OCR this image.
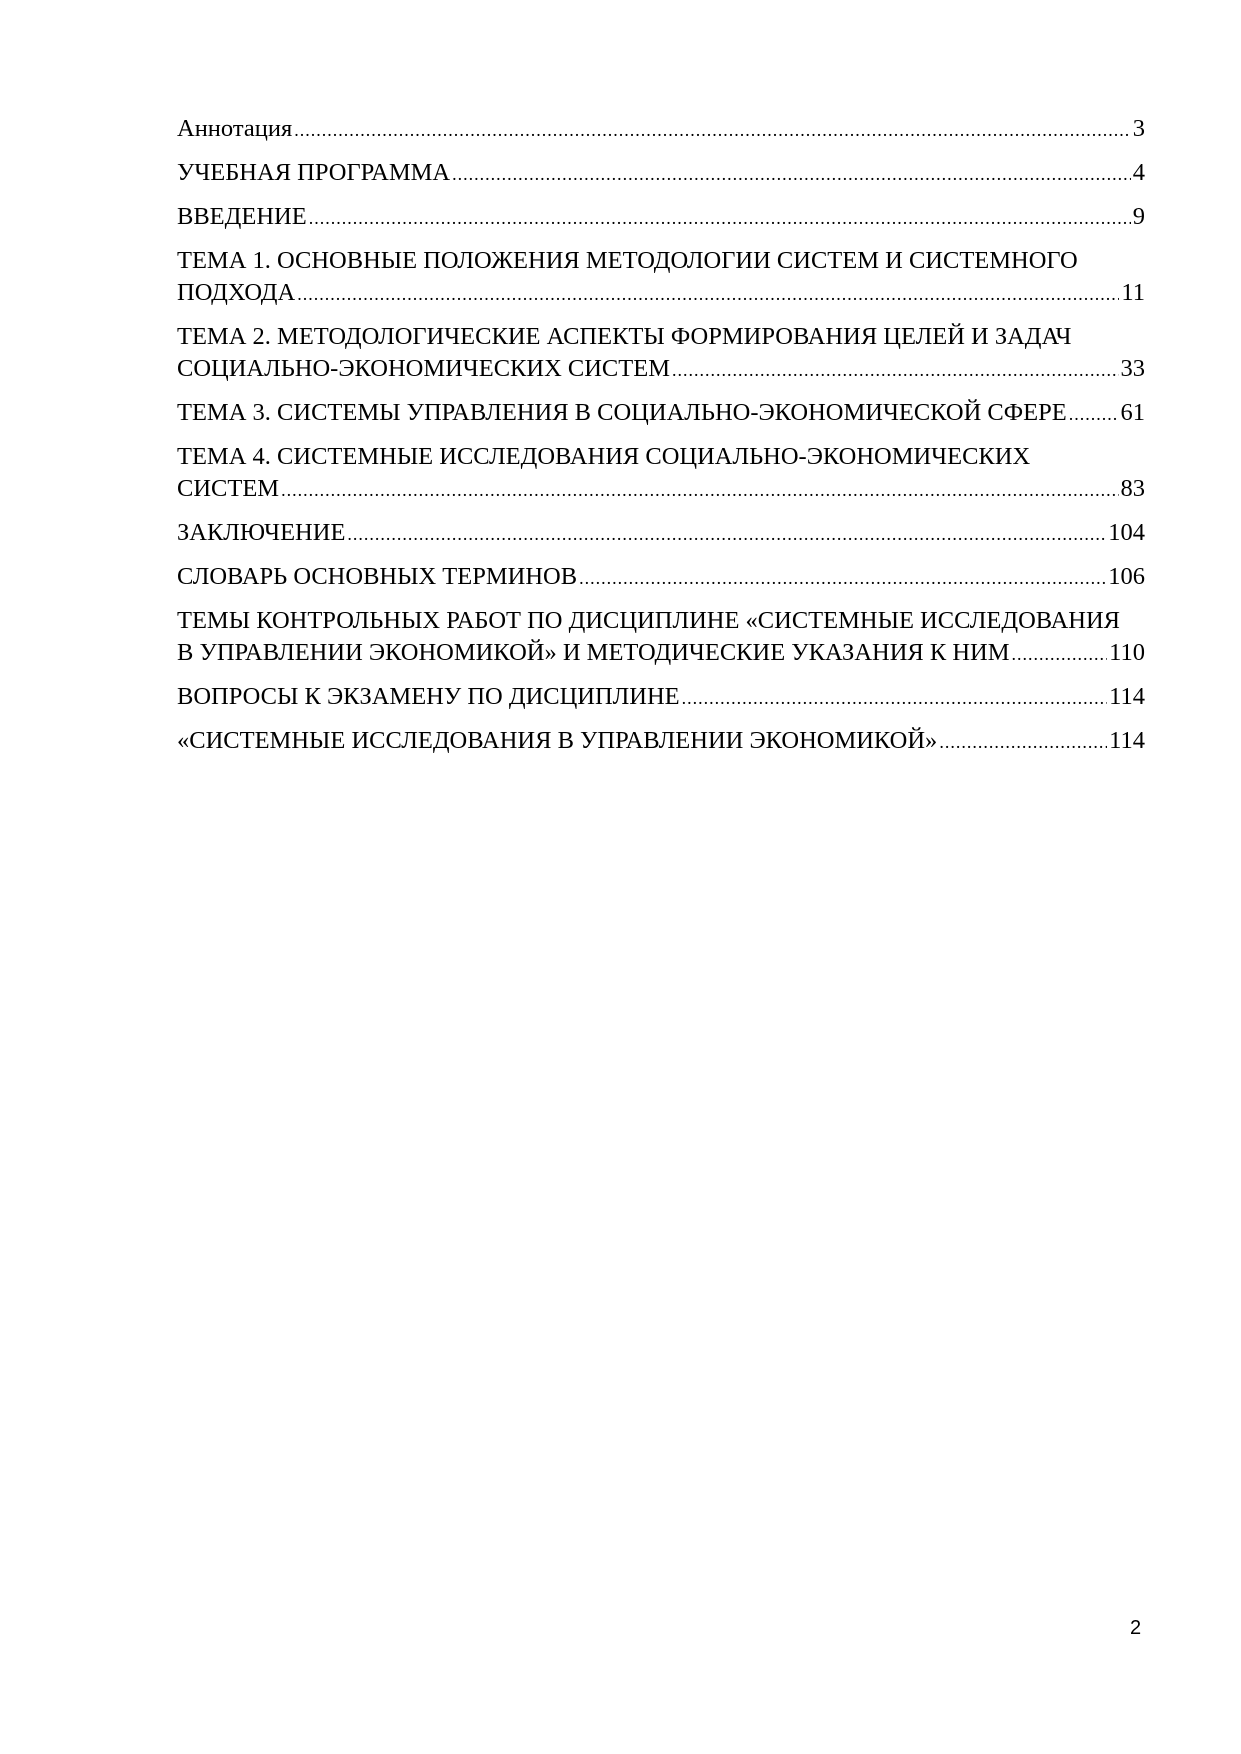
Аннотация .....	3
УЧЕБНАЯ ПРОГРАММА .....	4
ВВЕДЕНИЕ .....	9
ТЕМА 1. ОСНОВНЫЕ ПОЛОЖЕНИЯ МЕТОДОЛОГИИ СИСТЕМ И СИСТЕМНОГО
ПОДХОДА .....	11
ТЕМА 2. МЕТОДОЛОГИЧЕСКИЕ АСПЕКТЫ ФОРМИРОВАНИЯ ЦЕЛЕЙ И ЗАДАЧ
СОЦИАЛЬНО-ЭКОНОМИЧЕСКИХ СИСТЕМ .....	33
ТЕМА 3. СИСТЕМЫ УПРАВЛЕНИЯ В СОЦИАЛЬНО-ЭКОНОМИЧЕСКОЙ СФЕРЕ ..... 61
ТЕМА 4. СИСТЕМНЫЕ ИССЛЕДОВАНИЯ СОЦИАЛЬНО-ЭКОНОМИЧЕСКИХ
СИСТЕМ .....	83
ЗАКЛЮЧЕНИЕ .....	104
СЛОВАРЬ ОСНОВНЫХ ТЕРМИНОВ .....	106
ТЕМЫ КОНТРОЛЬНЫХ РАБОТ ПО ДИСЦИПЛИНЕ «СИСТЕМНЫЕ ИССЛЕДОВАНИЯ
В УПРАВЛЕНИИ ЭКОНОМИКОЙ» И МЕТОДИЧЕСКИЕ УКАЗАНИЯ К НИМ .....	110
ВОПРОСЫ К ЭКЗАМЕНУ ПО ДИСЦИПЛИНЕ .....	114
«СИСТЕМНЫЕ ИССЛЕДОВАНИЯ В УПРАВЛЕНИИ ЭКОНОМИКОЙ» .....	114
2
